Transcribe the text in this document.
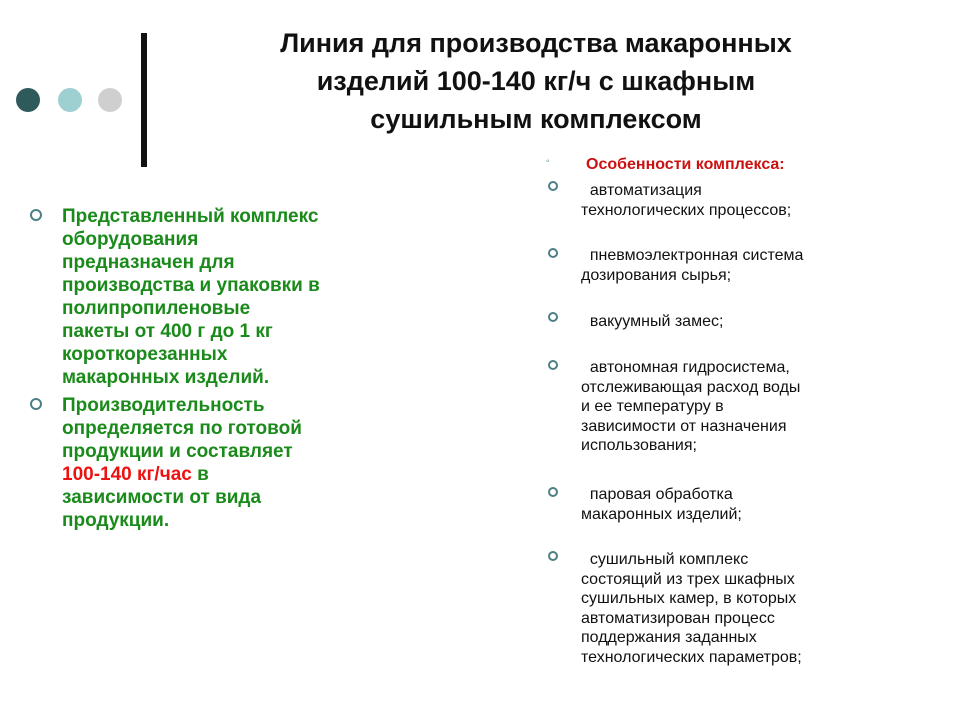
Линия для производства макаронных
изделий 100-140 кг/ч с шкафным
сушильным комплексом
Представленный комплекс
оборудования
предназначен для
производства и упаковки в
полипропиленовые
пакеты от 400 г до 1 кг
короткорезанных
макаронных изделий.
Производительность
определяется по готовой
продукции и составляет
100-140 кг/час в
зависимости от вида
продукции.
◦ Особенности комплекса:
автоматизация
технологических процессов;
пневмоэлектронная система
дозирования сырья;
вакуумный замес;
автономная гидросистема,
отслеживающая расход воды
и ее температуру в
зависимости от назначения
использования;
паровая обработка
макаронных изделий;
сушильный комплекс
состоящий из трех шкафных
сушильных камер, в которых
автоматизирован процесс
поддержания заданных
технологических параметров;
